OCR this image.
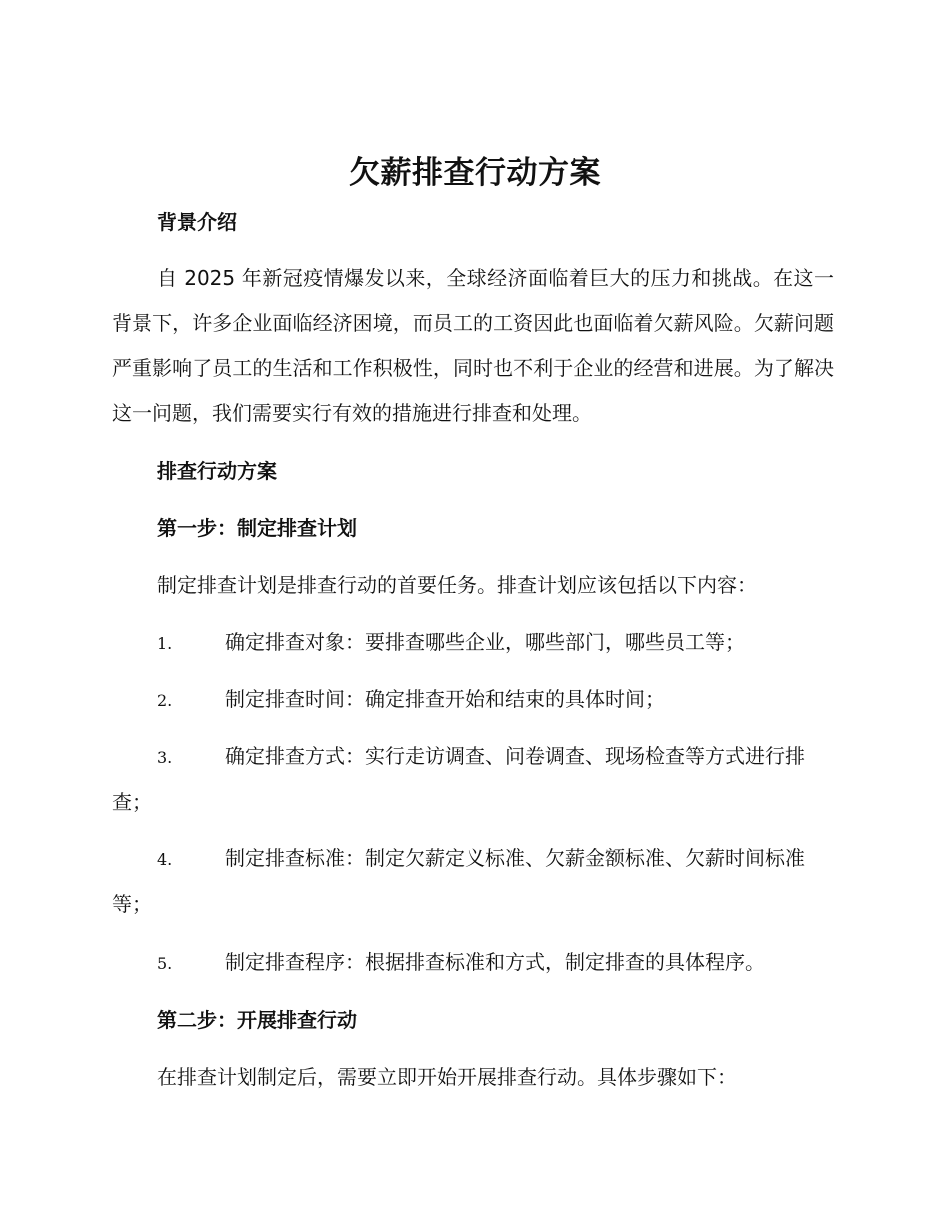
欠薪排查行动方案
背景介绍
自 2025 年新冠疫情爆发以来，全球经济面临着巨大的压力和挑战。在这一背景下，许多企业面临经济困境，而员工的工资因此也面临着欠薪风险。欠薪问题严重影响了员工的生活和工作积极性，同时也不利于企业的经营和进展。为了解决这一问题，我们需要实行有效的措施进行排查和处理。
排查行动方案
第一步：制定排查计划
制定排查计划是排查行动的首要任务。排查计划应该包括以下内容：
1.	确定排查对象：要排查哪些企业，哪些部门，哪些员工等；
2.	制定排查时间：确定排查开始和结束的具体时间；
3.	确定排查方式：实行走访调查、问卷调查、现场检查等方式进行排查；
4.	制定排查标准：制定欠薪定义标准、欠薪金额标准、欠薪时间标准等；
5.	制定排查程序：根据排查标准和方式，制定排查的具体程序。
第二步：开展排查行动
在排查计划制定后，需要立即开始开展排查行动。具体步骤如下：
